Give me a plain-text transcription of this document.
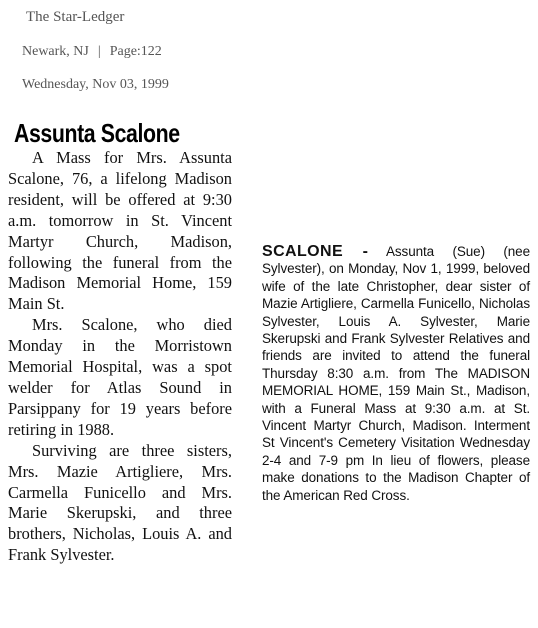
The Star-Ledger
Newark, NJ | Page:122
Wednesday, Nov 03, 1999
Assunta Scalone

A Mass for Mrs. Assunta Scalone, 76, a lifelong Madison resident, will be offered at 9:30 a.m. tomorrow in St. Vincent Martyr Church, Madison, following the funeral from the Madison Memorial Home, 159 Main St.

Mrs. Scalone, who died Monday in the Morristown Memorial Hospital, was a spot welder for Atlas Sound in Parsippany for 19 years before retiring in 1988.

Surviving are three sisters, Mrs. Mazie Artigliere, Mrs. Carmella Funicello and Mrs. Marie Skerupski, and three brothers, Nicholas, Louis A. and Frank Sylvester.

SCALONE - Assunta (Sue) (nee Sylvester), on Monday, Nov 1, 1999, beloved wife of the late Christopher, dear sister of Mazie Artigliere, Carmella Funicello, Nicholas Sylvester, Louis A. Sylvester, Marie Skerupski and Frank Sylvester Relatives and friends are invited to attend the funeral Thursday 8:30 a.m. from The MADISON MEMORIAL HOME, 159 Main St., Madison, with a Funeral Mass at 9:30 a.m. at St. Vincent Martyr Church, Madison. Interment St Vincent's Cemetery Visitation Wednesday 2-4 and 7-9 pm In lieu of flowers, please make donations to the Madison Chapter of the American Red Cross.
